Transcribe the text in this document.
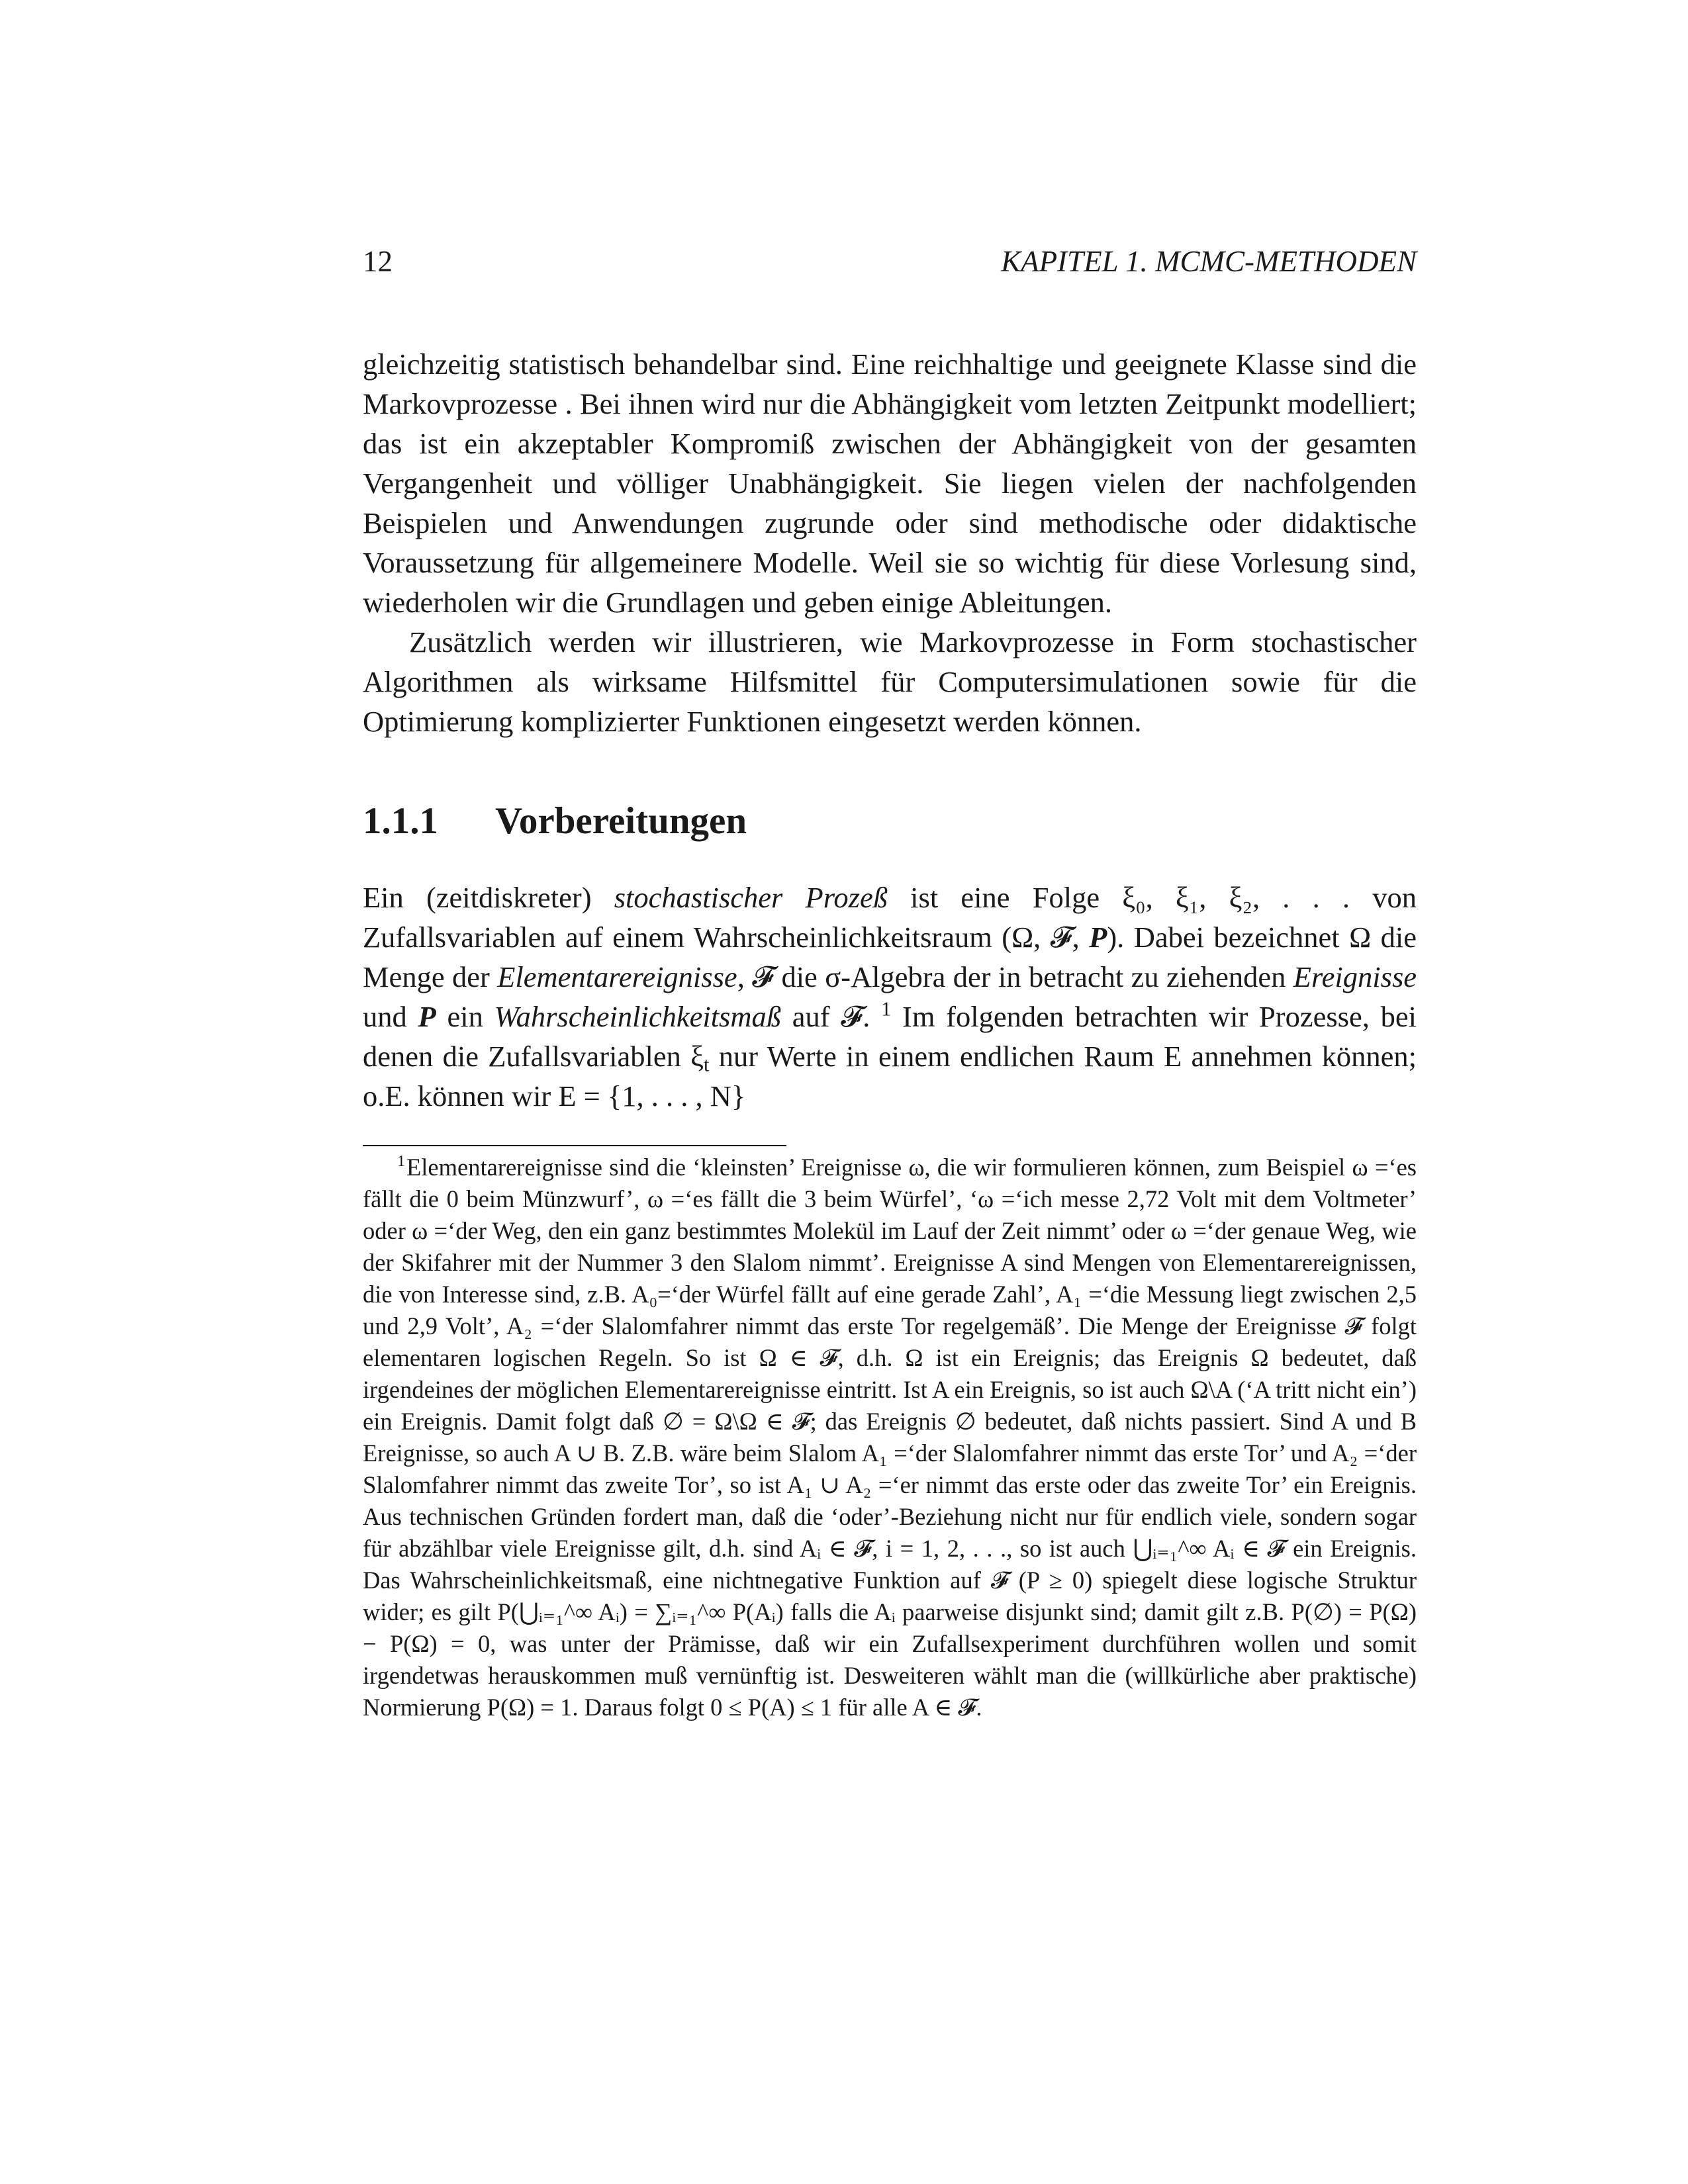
12	KAPITEL 1. MCMC-METHODEN

gleichzeitig statistisch behandelbar sind. Eine reichhaltige und geeignete Klasse sind die Markovprozesse . Bei ihnen wird nur die Abhängigkeit vom letzten Zeitpunkt modelliert; das ist ein akzeptabler Kompromiß zwischen der Abhängigkeit von der gesamten Vergangenheit und völliger Unabhängigkeit. Sie liegen vielen der nachfolgenden Beispielen und Anwendungen zugrunde oder sind methodische oder didaktische Voraussetzung für allgemeinere Modelle. Weil sie so wichtig für diese Vorlesung sind, wiederholen wir die Grundlagen und geben einige Ableitungen.

Zusätzlich werden wir illustrieren, wie Markovprozesse in Form stochastischer Algorithmen als wirksame Hilfsmittel für Computersimulationen sowie für die Optimierung komplizierter Funktionen eingesetzt werden können.

1.1.1 Vorbereitungen

Ein (zeitdiskreter) stochastischer Prozeß ist eine Folge ξ₀, ξ₁, ξ₂, . . . von Zufallsvariablen auf einem Wahrscheinlichkeitsraum (Ω, 𝓕, P). Dabei bezeichnet Ω die Menge der Elementarereignisse, 𝓕 die σ-Algebra der in betracht zu ziehenden Ereignisse und P ein Wahrscheinlichkeitsmaß auf 𝓕. $^1$ Im folgenden betrachten wir Prozesse, bei denen die Zufallsvariablen $\xi_t$ nur Werte in einem endlichen Raum E annehmen können; o.E. können wir E = {1, . . . , N}

$^1$Elementarereignisse sind die ‘kleinsten’ Ereignisse ω, die wir formulieren können, zum Beispiel ω =‘es fällt die 0 beim Münzwurf’, ω =‘es fällt die 3 beim Würfel’, ‘ω =‘ich messe 2,72 Volt mit dem Voltmeter’ oder ω =‘der Weg, den ein ganz bestimmtes Molekül im Lauf der Zeit nimmt’ oder ω =‘der genaue Weg, wie der Skifahrer mit der Nummer 3 den Slalom nimmt’. Ereignisse A sind Mengen von Elementarereignissen, die von Interesse sind, z.B. A₀=‘der Würfel fällt auf eine gerade Zahl’, A₁ =‘die Messung liegt zwischen 2,5 und 2,9 Volt’, A₂ =‘der Slalomfahrer nimmt das erste Tor regelgemäß’. Die Menge der Ereignisse 𝓕 folgt elementaren logischen Regeln. So ist Ω ∈ 𝓕, d.h. Ω ist ein Ereignis; das Ereignis Ω bedeutet, daß irgendeines der möglichen Elementarereignisse eintritt. Ist A ein Ereignis, so ist auch Ω\A (‘A tritt nicht ein’) ein Ereignis. Damit folgt daß ∅ = Ω\Ω ∈ 𝓕; das Ereignis ∅ bedeutet, daß nichts passiert. Sind A und B Ereignisse, so auch A ∪ B. Z.B. wäre beim Slalom A₁ =‘der Slalomfahrer nimmt das erste Tor’ und A₂ =‘der Slalomfahrer nimmt das zweite Tor’, so ist A₁ ∪ A₂ =‘er nimmt das erste oder das zweite Tor’ ein Ereignis. Aus technischen Gründen fordert man, daß die ‘oder’-Beziehung nicht nur für endlich viele, sondern sogar für abzählbar viele Ereignisse gilt, d.h. sind Aᵢ ∈ 𝓕, i = 1, 2, . . ., so ist auch ⋃ᵢ₌₁^∞ Aᵢ ∈ 𝓕 ein Ereignis. Das Wahrscheinlichkeitsmaß, eine nichtnegative Funktion auf 𝓕 (P ≥ 0) spiegelt diese logische Struktur wider; es gilt P(⋃ᵢ₌₁^∞ Aᵢ) = ∑ᵢ₌₁^∞ P(Aᵢ) falls die Aᵢ paarweise disjunkt sind; damit gilt z.B. P(∅) = P(Ω) − P(Ω) = 0, was unter der Prämisse, daß wir ein Zufallsexperiment durchführen wollen und somit irgendetwas herauskommen muß vernünftig ist. Desweiteren wählt man die (willkürliche aber praktische) Normierung P(Ω) = 1. Daraus folgt 0 ≤ P(A) ≤ 1 für alle A ∈ 𝓕.
